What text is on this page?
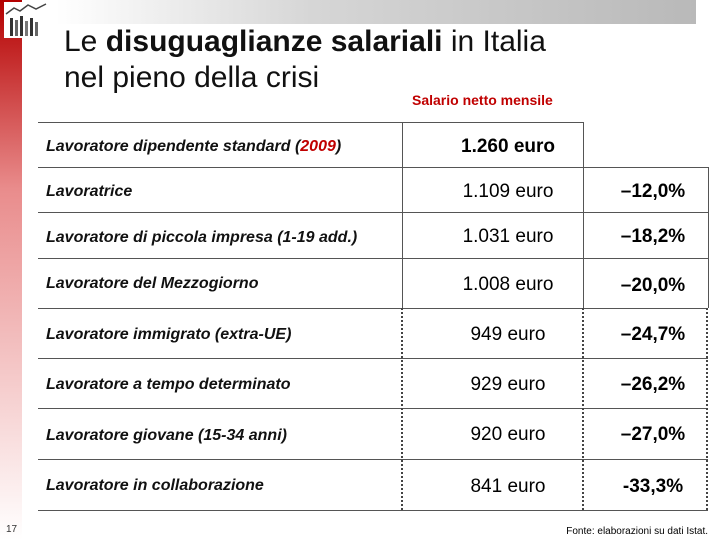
Le disuguaglianze salariali in Italia
nel pieno della crisi
Salario netto mensile
Lavoratore dipendente standard (2009)	1.260 euro
Lavoratrice	1.109 euro	–12,0%
Lavoratore di piccola impresa (1-19 add.)	1.031 euro	–18,2%
Lavoratore del Mezzogiorno	1.008 euro	–20,0%
Lavoratore immigrato (extra-UE)	949 euro	–24,7%
Lavoratore a tempo determinato	929 euro	–26,2%
Lavoratore giovane (15-34 anni)	920 euro	–27,0%
Lavoratore in collaborazione	841 euro	-33,3%
17	Fonte: elaborazioni su dati Istat.
